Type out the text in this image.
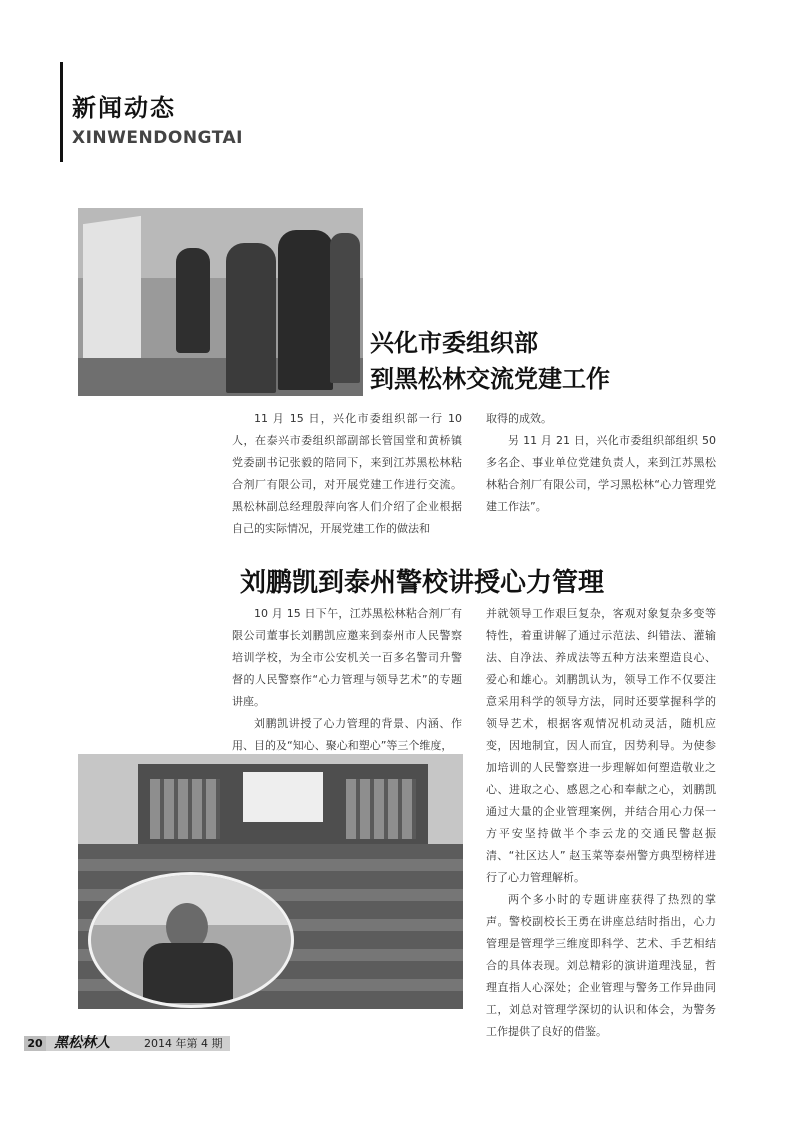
新闻动态
XINWENDONGTAI
兴化市委组织部
到黑松林交流党建工作

11 月 15 日，兴化市委组织部一行 10 人，在泰兴市委组织部副部长管国堂和黄桥镇党委副书记张毅的陪同下，来到江苏黑松林粘合剂厂有限公司，对开展党建工作进行交流。黑松林副总经理殷萍向客人们介绍了企业根据自己的实际情况，开展党建工作的做法和

取得的成效。

另 11 月 21 日，兴化市委组织部组织 50 多名企、事业单位党建负责人，来到江苏黑松林粘合剂厂有限公司，学习黑松林“心力管理党建工作法”。

刘鹏凯到泰州警校讲授心力管理

10 月 15 日下午，江苏黑松林粘合剂厂有限公司董事长刘鹏凯应邀来到泰州市人民警察培训学校，为全市公安机关一百多名警司升警督的人民警察作“心力管理与领导艺术”的专题讲座。

刘鹏凯讲授了心力管理的背景、内涵、作用、目的及“知心、聚心和塑心”等三个维度，

并就领导工作艰巨复杂，客观对象复杂多变等特性，着重讲解了通过示范法、纠错法、灌输法、自净法、养成法等五种方法来塑造良心、爱心和雄心。刘鹏凯认为，领导工作不仅要注意采用科学的领导方法，同时还要掌握科学的领导艺术，根据客观情况机动灵活，随机应变，因地制宜，因人而宜，因势利导。为使参加培训的人民警察进一步理解如何塑造敬业之心、进取之心、感恩之心和奉献之心，刘鹏凯通过大量的企业管理案例，并结合用心力保一方平安坚持做半个李云龙的交通民警赵振清、“社区达人” 赵玉菜等泰州警方典型榜样进行了心力管理解析。

两个多小时的专题讲座获得了热烈的掌声。警校副校长王勇在讲座总结时指出，心力管理是管理学三维度即科学、艺术、手艺相结合的具体表现。刘总精彩的演讲道理浅显，哲理直指人心深处；企业管理与警务工作异曲同工，刘总对管理学深切的认识和体会，为警务工作提供了良好的借鉴。

20 黑松林人	2014 年第 4 期
